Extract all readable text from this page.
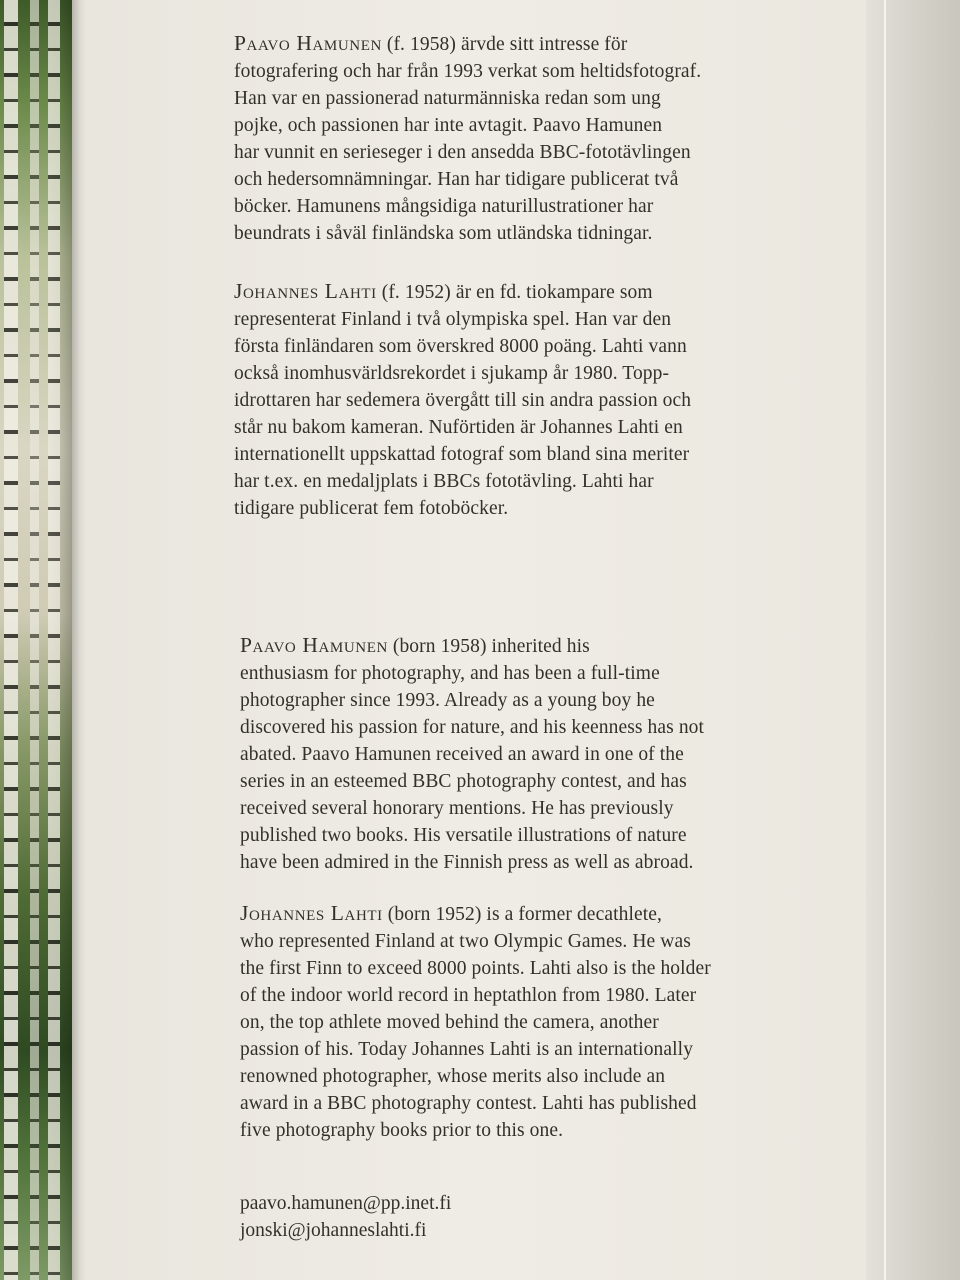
Paavo Hamunen (f. 1958) ärvde sitt intresse för
fotografering och har från 1993 verkat som heltidsfotograf.
Han var en passionerad naturmänniska redan som ung
pojke, och passionen har inte avtagit. Paavo Hamunen
har vunnit en serieseger i den ansedda BBC-fototävlingen
och hedersomnämningar. Han har tidigare publicerat två
böcker. Hamunens mångsidiga naturillustrationer har
beundrats i såväl finländska som utländska tidningar.

Johannes Lahti (f. 1952) är en fd. tiokampare som
representerat Finland i två olympiska spel. Han var den
första finländaren som överskred 8000 poäng. Lahti vann
också inomhusvärldsrekordet i sjukamp år 1980. Topp-
idrottaren har sedemera övergått till sin andra passion och
står nu bakom kameran. Nuförtiden är Johannes Lahti en
internationellt uppskattad fotograf som bland sina meriter
har t.ex. en medaljplats i BBCs fototävling. Lahti har
tidigare publicerat fem fotoböcker.

Paavo Hamunen (born 1958) inherited his
enthusiasm for photography, and has been a full-time
photographer since 1993. Already as a young boy he
discovered his passion for nature, and his keenness has not
abated. Paavo Hamunen received an award in one of the
series in an esteemed BBC photography contest, and has
received several honorary mentions. He has previously
published two books. His versatile illustrations of nature
have been admired in the Finnish press as well as abroad.

Johannes Lahti (born 1952) is a former decathlete,
who represented Finland at two Olympic Games. He was
the first Finn to exceed 8000 points. Lahti also is the holder
of the indoor world record in heptathlon from 1980. Later
on, the top athlete moved behind the camera, another
passion of his. Today Johannes Lahti is an internationally
renowned photographer, whose merits also include an
award in a BBC photography contest. Lahti has published
five photography books prior to this one.

paavo.hamunen@pp.inet.fi
jonski@johanneslahti.fi
